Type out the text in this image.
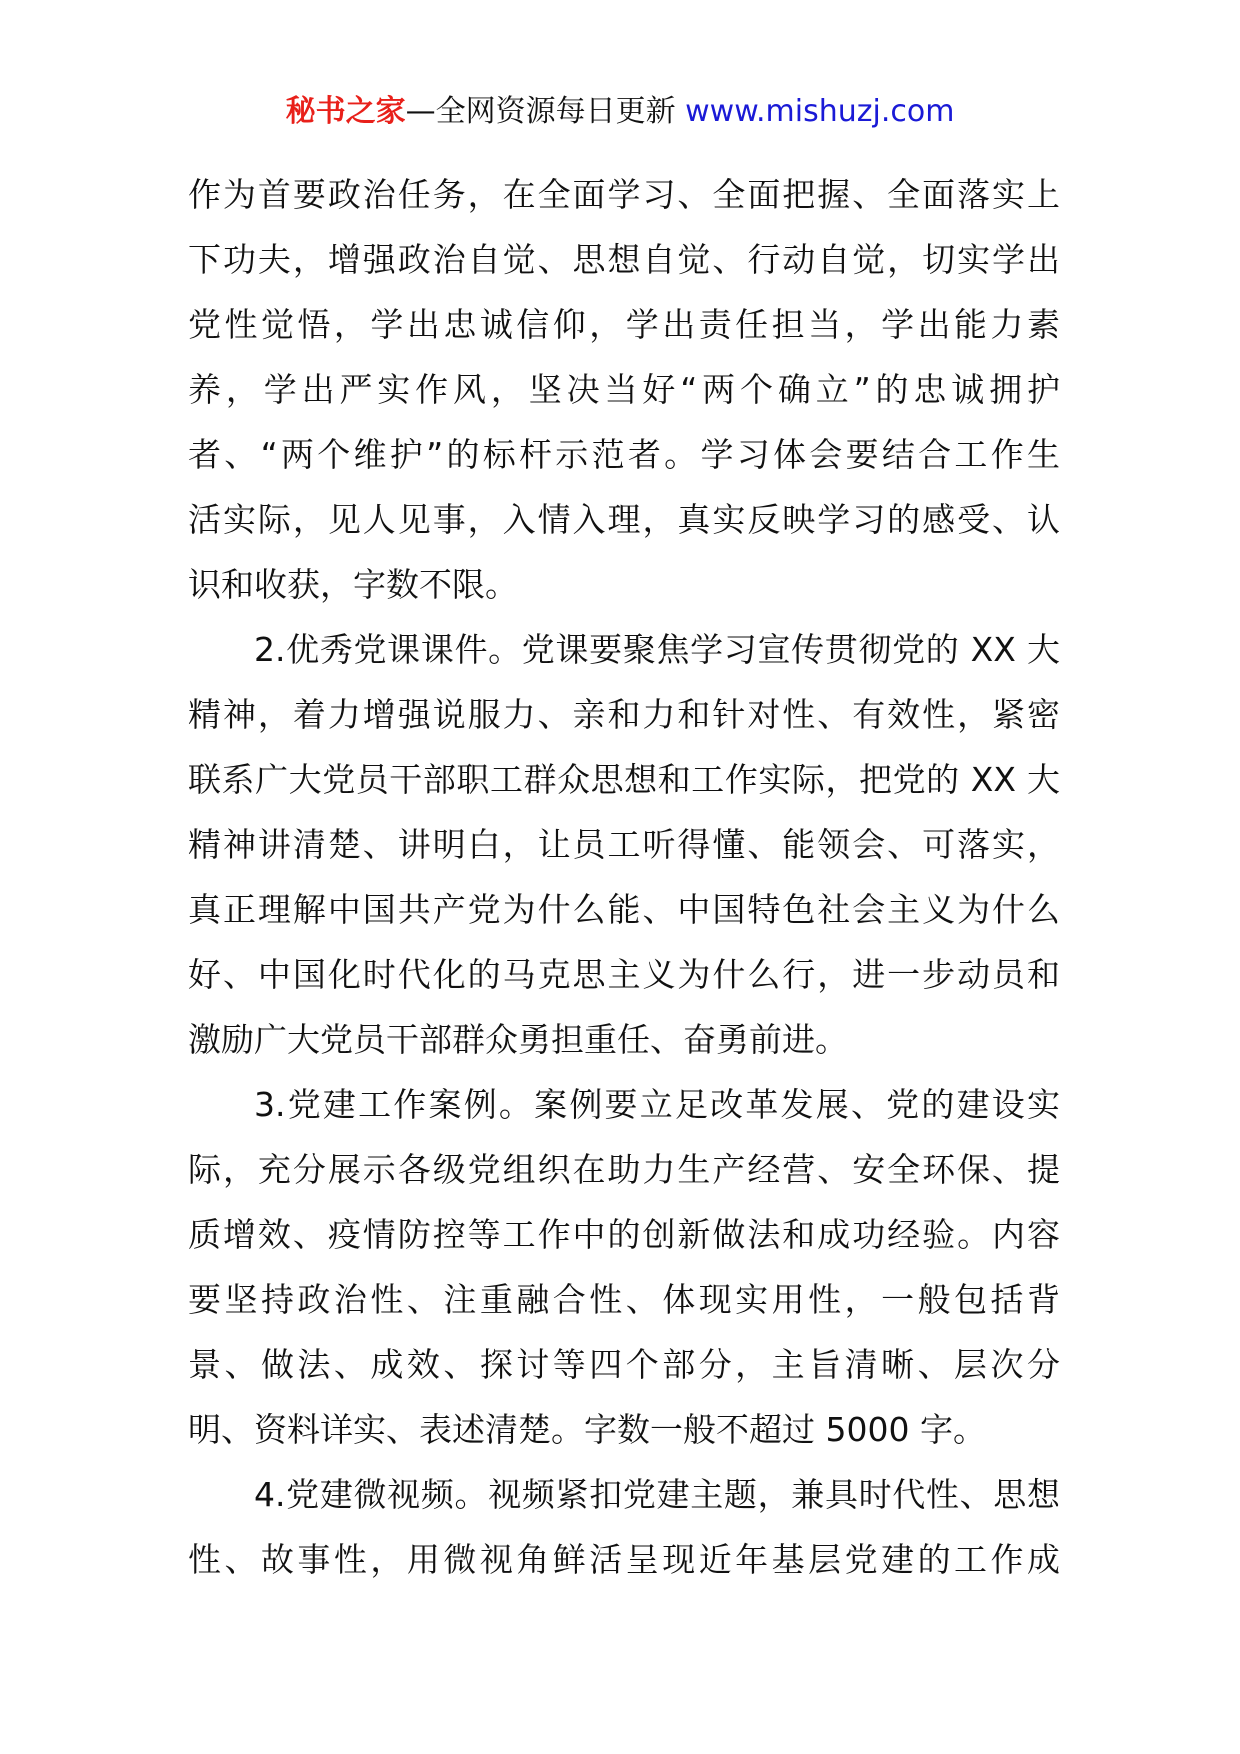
秘书之家—全网资源每日更新 www.mishuzj.com
作为首要政治任务，在全面学习、全面把握、全面落实上
下功夫，增强政治自觉、思想自觉、行动自觉，切实学出
党性觉悟，学出忠诚信仰，学出责任担当，学出能力素
养，学出严实作风，坚决当好“两个确立”的忠诚拥护
者、“两个维护”的标杆示范者。学习体会要结合工作生
活实际，见人见事，入情入理，真实反映学习的感受、认
识和收获，字数不限。
2.优秀党课课件。党课要聚焦学习宣传贯彻党的 XX 大
精神，着力增强说服力、亲和力和针对性、有效性，紧密
联系广大党员干部职工群众思想和工作实际，把党的 XX 大
精神讲清楚、讲明白，让员工听得懂、能领会、可落实，
真正理解中国共产党为什么能、中国特色社会主义为什么
好、中国化时代化的马克思主义为什么行，进一步动员和
激励广大党员干部群众勇担重任、奋勇前进。
3.党建工作案例。案例要立足改革发展、党的建设实
际，充分展示各级党组织在助力生产经营、安全环保、提
质增效、疫情防控等工作中的创新做法和成功经验。内容
要坚持政治性、注重融合性、体现实用性，一般包括背
景、做法、成效、探讨等四个部分，主旨清晰、层次分
明、资料详实、表述清楚。字数一般不超过 5000 字。
4.党建微视频。视频紧扣党建主题，兼具时代性、思想
性、故事性，用微视角鲜活呈现近年基层党建的工作成
